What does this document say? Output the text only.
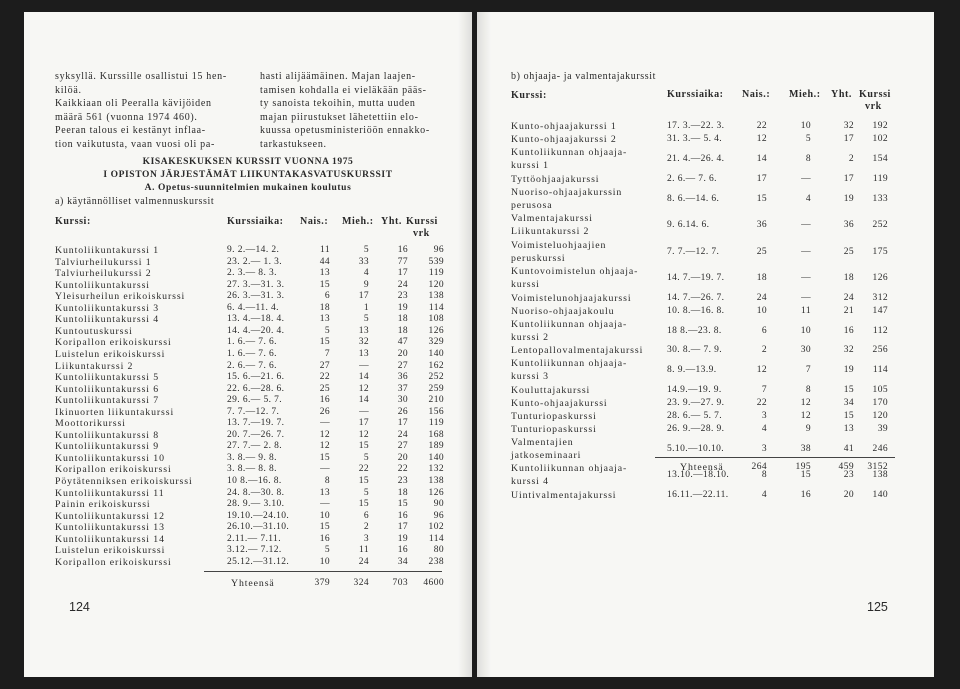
syksyllä. Kurssille osallistui 15 hen-
kilöä.
Kaikkiaan oli Peeralla kävijöiden
määrä 561 (vuonna 1974 460).
Peeran talous ei kestänyt inflaa-
tion vaikutusta, vaan vuosi oli pa-
hasti alijäämäinen. Majan laajen-
tamisen kohdalla ei vieläkään pääs-
ty sanoista tekoihin, mutta uuden
majan piirustukset lähetettiin elo-
kuussa opetusministeriöön ennakko-
tarkastukseen.
KISAKESKUKSEN KURSSIT VUONNA 1975
I OPISTON JÄRJESTÄMÄT LIIKUNTAKASVATUSKURSSIT
A. Opetus-suunnitelmien mukainen koulutus
a) käytännölliset valmennuskurssit
Kurssi:	Kurssiaika: Nais.: Mieh.: Yht. Kurssi
vrk
Kuntoliikuntakurssi 1	9. 2.—14. 2.	11	5	16	96
Talviurheilukurssi 1	23. 2.— 1. 3.	44	33	77	539
Talviurheilukurssi 2	2. 3.— 8. 3.	13	4	17	119
Kuntoliikuntakurssi	27. 3.—31. 3.	15	9	24	120
Yleisurheilun erikoiskurssi	26. 3.—31. 3.	6	17	23	138
Kuntoliikuntakurssi 3	6. 4.—11. 4.	18	1	19	114
Kuntoliikuntakurssi 4	13. 4.—18. 4.	13	5	18	108
Kuntoutuskurssi	14. 4.—20. 4.	5	13	18	126
Koripallon erikoiskurssi	1. 6.— 7. 6.	15	32	47	329
Luistelun erikoiskurssi	1. 6.— 7. 6.	7	13	20	140
Liikuntakurssi 2	2. 6.— 7. 6.	27	—	27	162
Kuntoliikuntakurssi 5	15. 6.—21. 6.	22	14	36	252
Kuntoliikuntakurssi 6	22. 6.—28. 6.	25	12	37	259
Kuntoliikuntakurssi 7	29. 6.— 5. 7.	16	14	30	210
Ikinuorten liikuntakurssi	7. 7.—12. 7.	26	—	26	156
Moottorikurssi	13. 7.—19. 7.	—	17	17	119
Kuntoliikuntakurssi 8	20. 7.—26. 7.	12	12	24	168
Kuntoliikuntakurssi 9	27. 7.— 2. 8.	12	15	27	189
Kuntoliikuntakurssi 10	3. 8.— 9. 8.	15	5	20	140
Koripallon erikoiskurssi	3. 8.— 8. 8.	—	22	22	132
Pöytätenniksen erikoiskurssi	10 8.—16. 8.	8	15	23	138
Kuntoliikuntakurssi 11	24. 8.—30. 8.	13	5	18	126
Painin erikoiskurssi	28. 9.— 3.10.	—	15	15	90
Kuntoliikuntakurssi 12	19.10.—24.10.	10	6	16	96
Kuntoliikuntakurssi 13	26.10.—31.10.	15	2	17	102
Kuntoliikuntakurssi 14	2.11.— 7.11.	16	3	19	114
Luistelun erikoiskurssi	3.12.— 7.12.	5	11	16	80
Koripallon erikoiskurssi	25.12.—31.12.	10	24	34	238
Yhteensä	379	324	703	4600
124
b) ohjaaja- ja valmentajakurssit
Kurssi:	Kurssiaika: Nais.: Mieh.: Yht. Kurssi
vrk
Kunto-ohjaajakurssi 1	17. 3.—22. 3.	22	10	32	192
Kunto-ohjaajakurssi 2	31. 3.— 5. 4.	12	5	17	102
Kuntoliikunnan ohjaaja-
kurssi 1
21. 4.—26. 4.	14	8	2	154
Tyttöohjaajakurssi	2. 6.— 7. 6.	17	—	17	119
Nuoriso-ohjaajakurssin
perusosa
8. 6.—14. 6.	15	4	19	133
Valmentajakurssi
Liikuntakurssi 2
9. 6.14. 6.	36	—	36	252
Voimisteluohjaajien
peruskurssi
7. 7.—12. 7.	25	—	25	175
Kuntovoimistelun ohjaaja-
kurssi
14. 7.—19. 7.	18	—	18	126
Voimistelunohjaajakurssi	14. 7.—26. 7.	24	—	24	312
Nuoriso-ohjaajakoulu	10. 8.—16. 8.	10	11	21	147
Kuntoliikunnan ohjaaja-
kurssi 2
18 8.—23. 8.	6	10	16	112
Lentopallovalmentajakurssi	30. 8.— 7. 9.	2	30	32	256
Kuntoliikunnan ohjaaja-
kurssi 3
8. 9.—13.9.	12	7	19	114
Kouluttajakurssi	14.9.—19. 9.	7	8	15	105
Kunto-ohjaajakurssi	23. 9.—27. 9.	22	12	34	170
Tunturiopaskurssi	28. 6.— 5. 7.	3	12	15	120
Tunturiopaskurssi	26. 9.—28. 9.	4	9	13	39
Valmentajien
jatkoseminaari
5.10.—10.10.	3	38	41	246
Kuntoliikunnan ohjaaja-
kurssi 4
13.10.—18.10.	8	15	23	138
Uintivalmentajakurssi	16.11.—22.11.	4	16	20	140
Yhteensä	264	195	459	3152
125
